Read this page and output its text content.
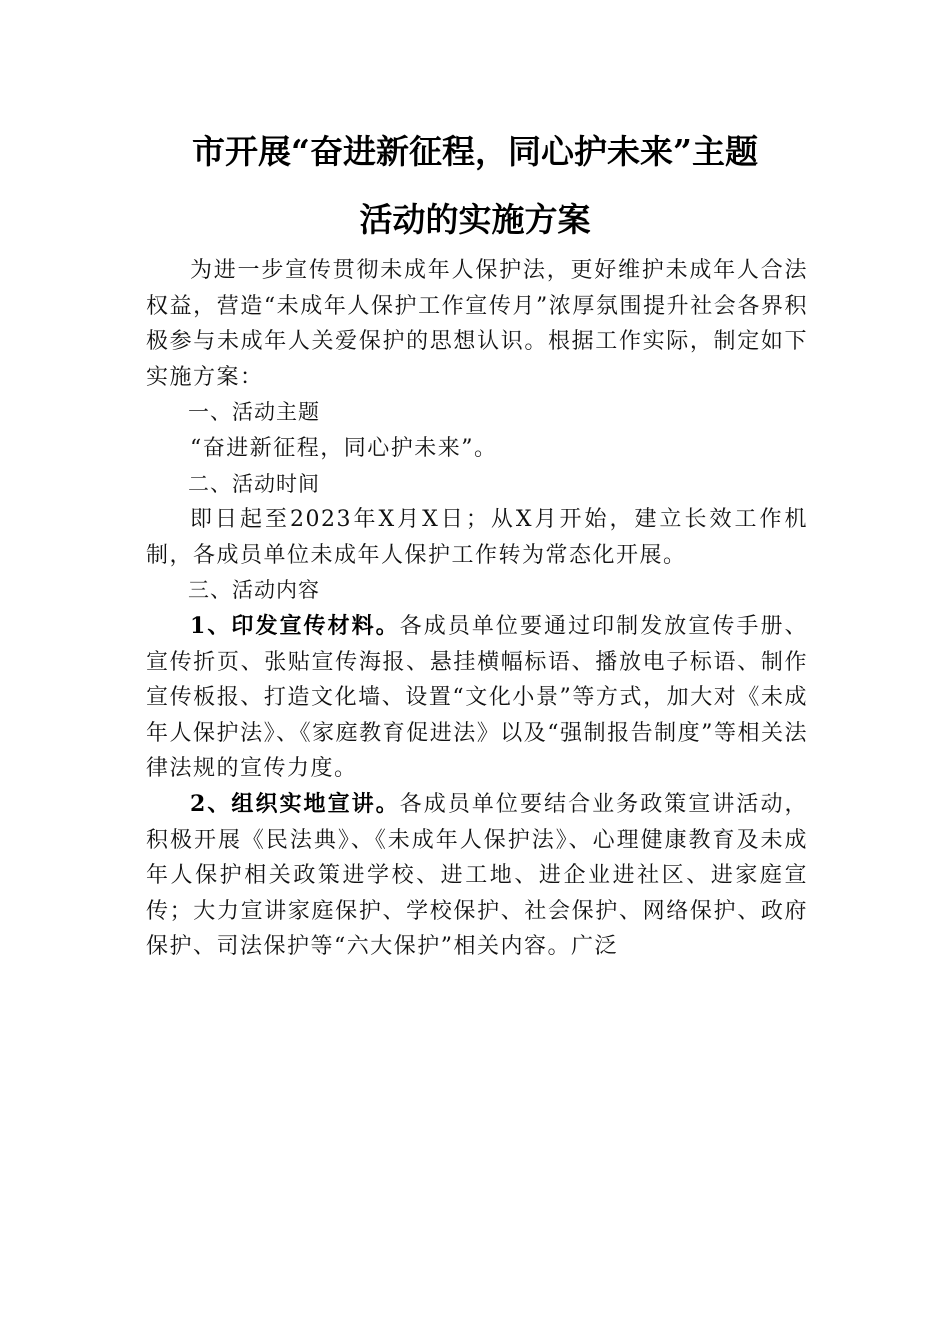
市开展“奋进新征程，同心护未来”主题
活动的实施方案

为进一步宣传贯彻未成年人保护法，更好维护未成年人合法权益，营造“未成年人保护工作宣传月”浓厚氛围提升社会各界积极参与未成年人关爱保护的思想认识。根据工作实际，制定如下实施方案：

一、活动主题

“奋进新征程，同心护未来”。

二、活动时间

即日起至2023年X月X日；从X月开始，建立长效工作机制，各成员单位未成年人保护工作转为常态化开展。

三、活动内容

1、印发宣传材料。各成员单位要通过印制发放宣传手册、宣传折页、张贴宣传海报、悬挂横幅标语、播放电子标语、制作宣传板报、打造文化墙、设置“文化小景”等方式，加大对《未成年人保护法》、《家庭教育促进法》以及“强制报告制度”等相关法律法规的宣传力度。

2、组织实地宣讲。各成员单位要结合业务政策宣讲活动，积极开展《民法典》、《未成年人保护法》、心理健康教育及未成年人保护相关政策进学校、进工地、进企业进社区、进家庭宣传；大力宣讲家庭保护、学校保护、社会保护、网络保护、政府保护、司法保护等“六大保护”相关内容。广泛
